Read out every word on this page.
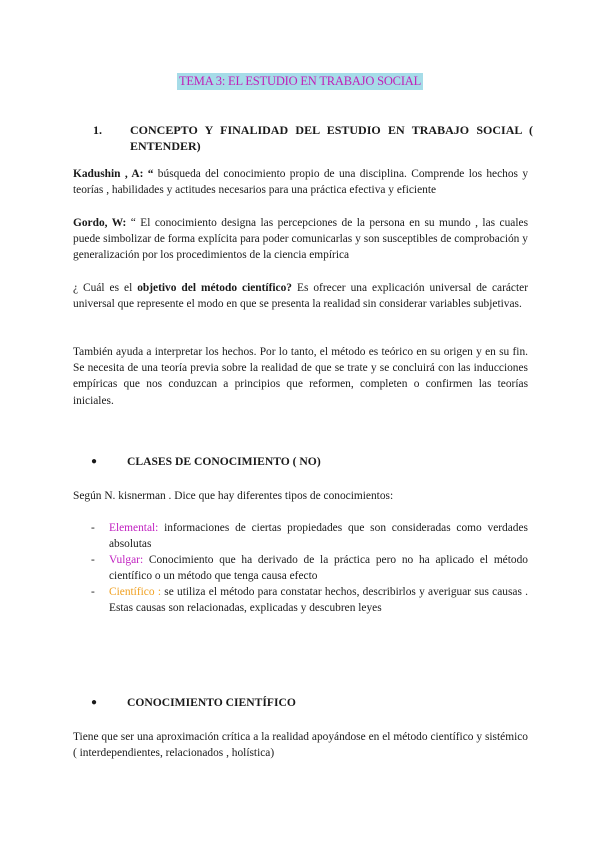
TEMA 3: EL ESTUDIO EN TRABAJO SOCIAL
1. CONCEPTO Y FINALIDAD DEL ESTUDIO EN TRABAJO SOCIAL ( ENTENDER)
Kadushin , A: “ búsqueda del conocimiento propio de una disciplina. Comprende los hechos y teorías , habilidades y actitudes necesarios para una práctica efectiva y eficiente
Gordo, W: “ El conocimiento designa las percepciones de la persona en su mundo , las cuales puede simbolizar de forma explícita para poder comunicarlas y son susceptibles de comprobación y generalización por los procedimientos de la ciencia empírica
¿ Cuál es el objetivo del método científico? Es ofrecer una explicación universal de carácter universal que represente el modo en que se presenta la realidad sin considerar variables subjetivas.
También ayuda a interpretar los hechos. Por lo tanto, el método es teórico en su origen y en su fin. Se necesita de una teoría previa sobre la realidad de que se trate y se concluirá con las inducciones empíricas que nos conduzcan a principios que reformen, completen o confirmen las teorías iniciales.
●	CLASES DE CONOCIMIENTO ( NO)
Según N. kisnerman . Dice que hay diferentes tipos de conocimientos:
- Elemental: informaciones de ciertas propiedades que son consideradas como verdades absolutas
- Vulgar: Conocimiento que ha derivado de la práctica pero no ha aplicado el método científico o un método que tenga causa efecto
- Científico : se utiliza el método para constatar hechos, describirlos y averiguar sus causas . Estas causas son relacionadas, explicadas y descubren leyes
●	CONOCIMIENTO CIENTÍFICO
Tiene que ser una aproximación crítica a la realidad apoyándose en el método científico y sistémico ( interdependientes, relacionados , holística)
